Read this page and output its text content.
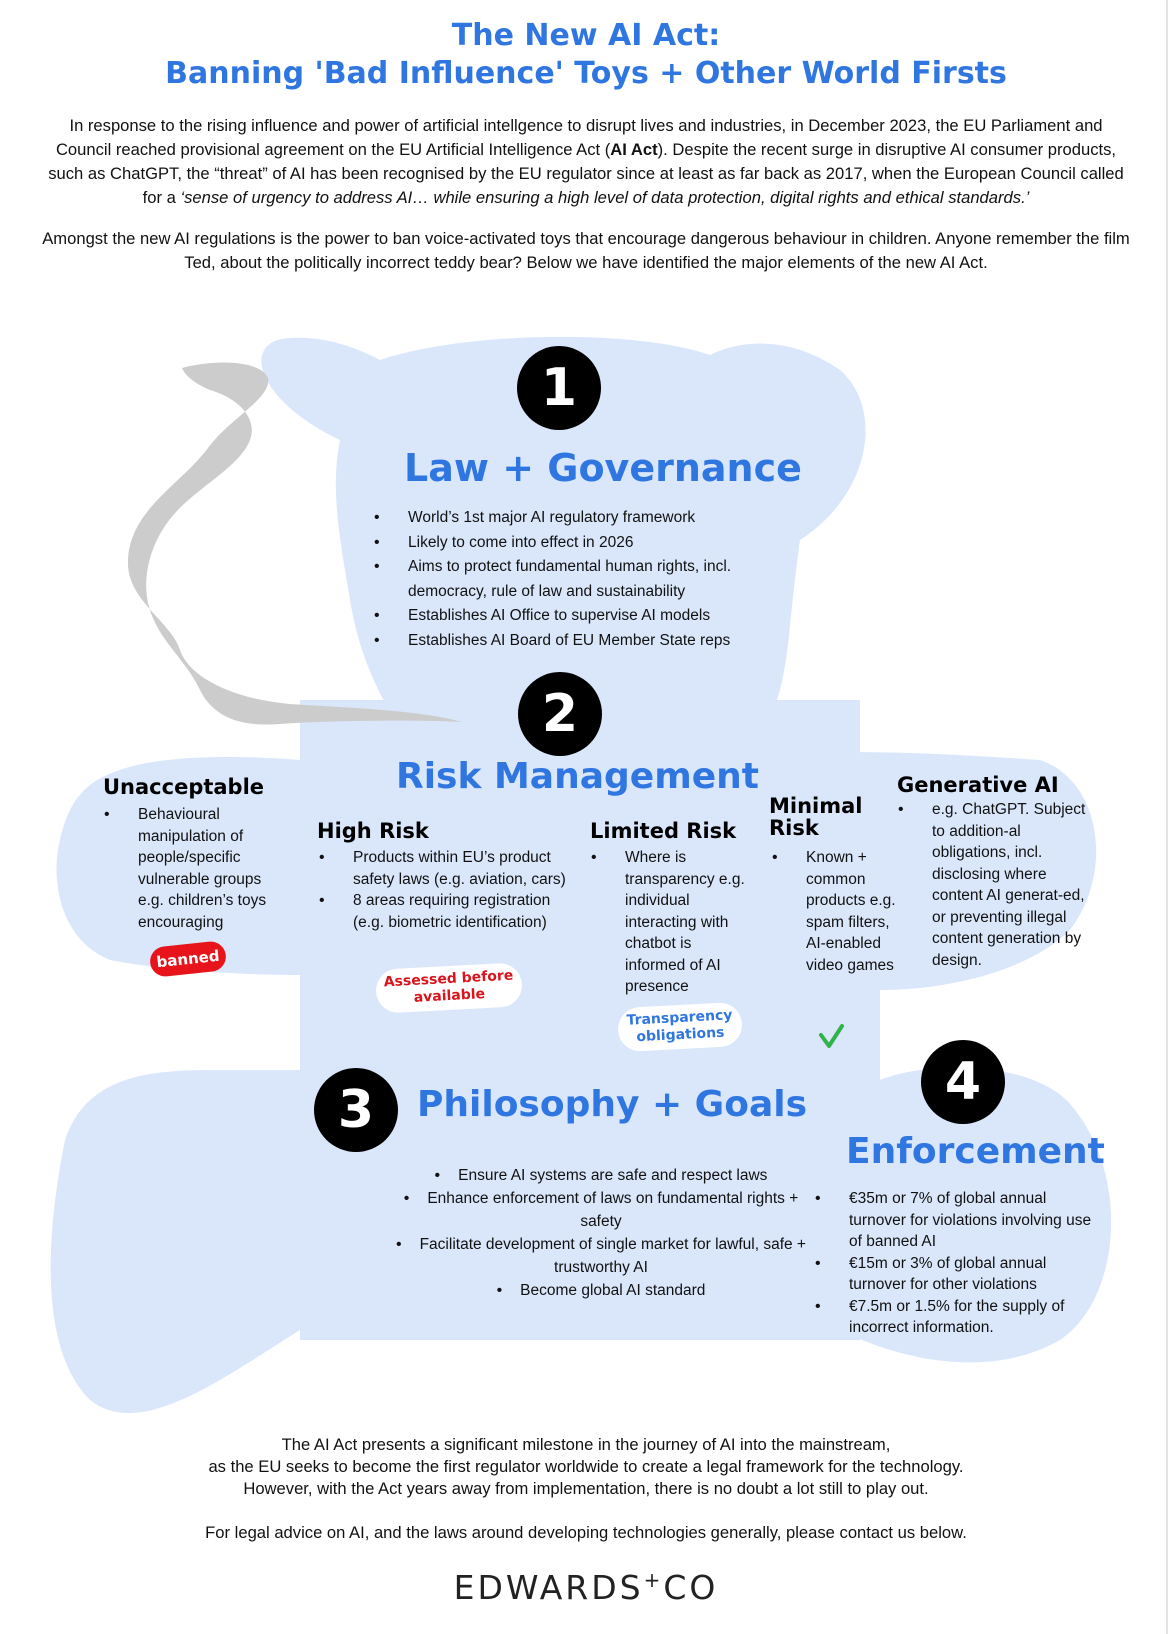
The New AI Act:
Banning 'Bad Influence' Toys + Other World Firsts
In response to the rising influence and power of artificial intellgence to disrupt lives and industries, in December 2023, the EU Parliament and Council reached provisional agreement on the EU Artificial Intelligence Act (AI Act). Despite the recent surge in disruptive AI consumer products, such as ChatGPT, the “threat” of AI has been recognised by the EU regulator since at least as far back as 2017, when the European Council called for a ‘sense of urgency to address AI… while ensuring a high level of data protection, digital rights and ethical standards.’
Amongst the new AI regulations is the power to ban voice-activated toys that encourage dangerous behaviour in children. Anyone remember the film Ted, about the politically incorrect teddy bear? Below we have identified the major elements of the new AI Act.
1
Law + Governance
• World’s 1st major AI regulatory framework
• Likely to come into effect in 2026
• Aims to protect fundamental human rights, incl. democracy, rule of law and sustainability
• Establishes AI Office to supervise AI models
• Establishes AI Board of EU Member State reps
2
Risk Management
Unacceptable
• Behavioural manipulation of people/specific vulnerable groups e.g. children’s toys encouraging
banned
High Risk
• Products within EU’s product safety laws (e.g. aviation, cars)
• 8 areas requiring registration (e.g. biometric identification)
Assessed before
available
Limited Risk
• Where is transparency e.g. individual interacting with chatbot is informed of AI presence
Transparency
obligations
Minimal
Risk
• Known + common products e.g. spam filters, AI-enabled video games
Generative AI
• e.g. ChatGPT. Subject to addition-al obligations, incl. disclosing where content AI generat-ed, or preventing illegal content generation by design.
3	Philosophy + Goals
• Ensure AI systems are safe and respect laws
• Enhance enforcement of laws on fundamental rights + safety
• Facilitate development of single market for lawful, safe + trustworthy AI
• Become global AI standard
4
Enforcement
• €35m or 7% of global annual turnover for violations involving use of banned AI
• €15m or 3% of global annual turnover for other violations
• €7.5m or 1.5% for the supply of incorrect information.
The AI Act presents a significant milestone in the journey of AI into the mainstream,
as the EU seeks to become the first regulator worldwide to create a legal framework for the technology.
However, with the Act years away from implementation, there is no doubt a lot still to play out.
For legal advice on AI, and the laws around developing technologies generally, please contact us below.
EDWARDS+CO
